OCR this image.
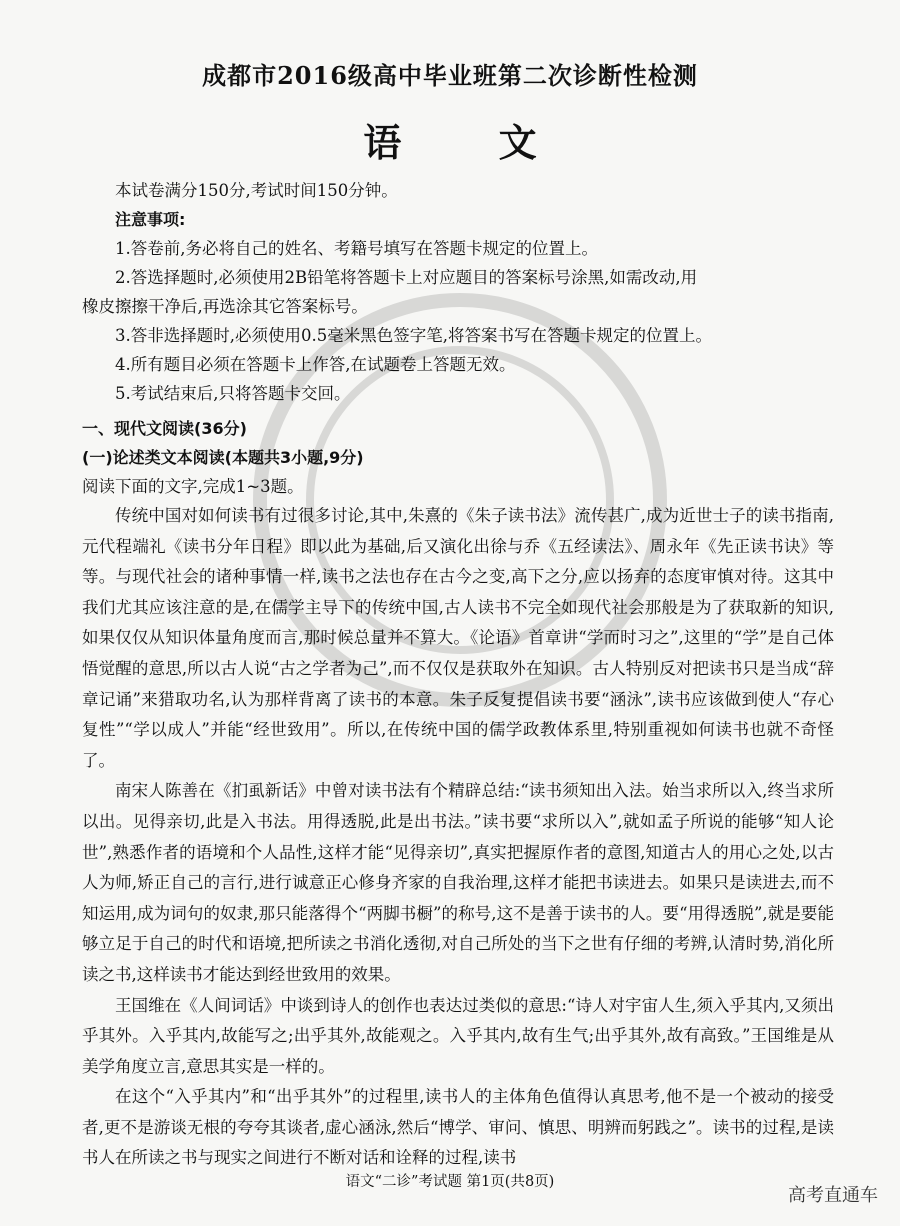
成都市2016级高中毕业班第二次诊断性检测
语 文
本试卷满分150分,考试时间150分钟。
注意事项:
1.答卷前,务必将自己的姓名、考籍号填写在答题卡规定的位置上。
2.答选择题时,必须使用2B铅笔将答题卡上对应题目的答案标号涂黑,如需改动,用
橡皮擦擦干净后,再选涂其它答案标号。
3.答非选择题时,必须使用0.5毫米黑色签字笔,将答案书写在答题卡规定的位置上。
4.所有题目必须在答题卡上作答,在试题卷上答题无效。
5.考试结束后,只将答题卡交回。
一、现代文阅读(36分)
(一)论述类文本阅读(本题共3小题,9分)
阅读下面的文字,完成1~3题。
传统中国对如何读书有过很多讨论,其中,朱熹的《朱子读书法》流传甚广,成为近世士子的读书指南,元代程端礼《读书分年日程》即以此为基础,后又演化出徐与乔《五经读法》、周永年《先正读书诀》等等。与现代社会的诸种事情一样,读书之法也存在古今之变,高下之分,应以扬弃的态度审慎对待。这其中我们尤其应该注意的是,在儒学主导下的传统中国,古人读书不完全如现代社会那般是为了获取新的知识,如果仅仅从知识体量角度而言,那时候总量并不算大。《论语》首章讲“学而时习之”,这里的“学”是自己体悟觉醒的意思,所以古人说“古之学者为己”,而不仅仅是获取外在知识。古人特别反对把读书只是当成“辞章记诵”来猎取功名,认为那样背离了读书的本意。朱子反复提倡读书要“涵泳”,读书应该做到使人“存心复性”“学以成人”并能“经世致用”。所以,在传统中国的儒学政教体系里,特别重视如何读书也就不奇怪了。
南宋人陈善在《扪虱新话》中曾对读书法有个精辟总结:“读书须知出入法。始当求所以入,终当求所以出。见得亲切,此是入书法。用得透脱,此是出书法。”读书要“求所以入”,就如孟子所说的能够“知人论世”,熟悉作者的语境和个人品性,这样才能“见得亲切”,真实把握原作者的意图,知道古人的用心之处,以古人为师,矫正自己的言行,进行诚意正心修身齐家的自我治理,这样才能把书读进去。如果只是读进去,而不知运用,成为词句的奴隶,那只能落得个“两脚书橱”的称号,这不是善于读书的人。要“用得透脱”,就是要能够立足于自己的时代和语境,把所读之书消化透彻,对自己所处的当下之世有仔细的考辨,认清时势,消化所读之书,这样读书才能达到经世致用的效果。
王国维在《人间词话》中谈到诗人的创作也表达过类似的意思:“诗人对宇宙人生,须入乎其内,又须出乎其外。入乎其内,故能写之;出乎其外,故能观之。入乎其内,故有生气;出乎其外,故有高致。”王国维是从美学角度立言,意思其实是一样的。
在这个“入乎其内”和“出乎其外”的过程里,读书人的主体角色值得认真思考,他不是一个被动的接受者,更不是游谈无根的夸夸其谈者,虚心涵泳,然后“博学、审问、慎思、明辨而躬践之”。读书的过程,是读书人在所读之书与现实之间进行不断对话和诠释的过程,读书
语文“二诊”考试题 第1页(共8页)
高考直通车
